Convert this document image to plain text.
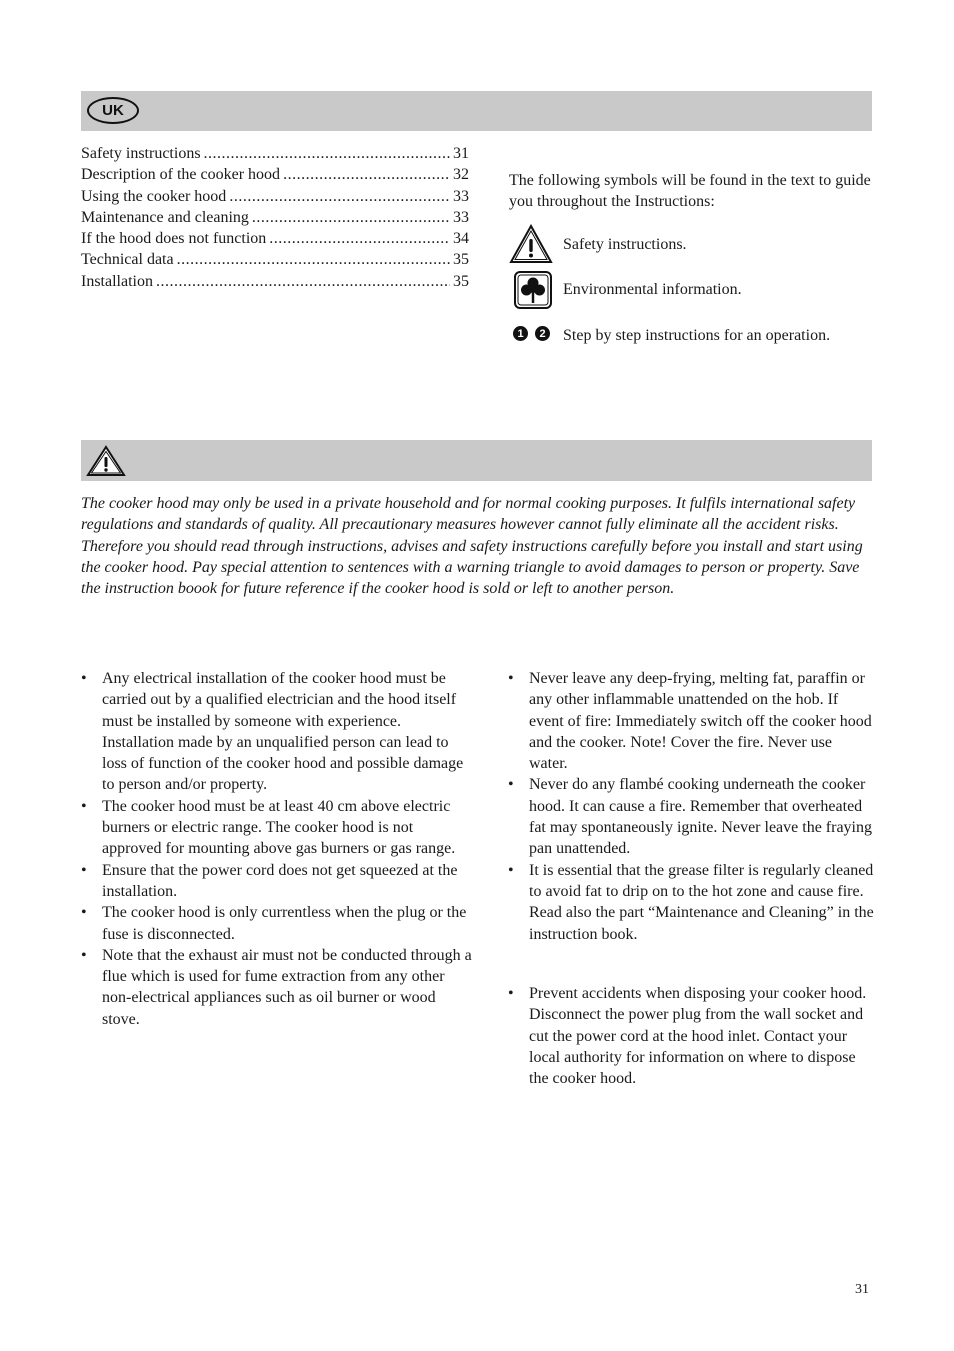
UK
Safety instructions .....	31
Description of the cooker hood .....	32
Using the cooker hood .....	33
Maintenance and cleaning .....	33
If the hood does not function .....	34
Technical data .....	35
Installation .....	35

The following symbols will be found in the text to guide you throughout the Instructions:

Safety instructions.
Environmental information.
1	2 Step by step instructions for an operation.

The cooker hood may only be used in a private household and for normal cooking purposes. It fulfils international safety regulations and standards of quality. All precautionary measures however cannot fully eliminate all the accident risks.

Therefore you should read through instructions, advises and safety instructions carefully before you install and start using the cooker hood. Pay special attention to sentences with a warning triangle to avoid damages to person or property. Save the instruction boook for future reference if the cooker hood is sold or left to another person.

• Any electrical installation of the cooker hood must be carried out by a qualified electrician and the hood itself must be installed by someone with experience. Installation made by an unqualified person can lead to loss of function of the cooker hood and possible damage to person and/or property.
• The cooker hood must be at least 40 cm above electric burners or electric range. The cooker hood is not approved for mounting above gas burners or gas range.
• Ensure that the power cord does not get squeezed at the installation.
• The cooker hood is only currentless when the plug or the fuse is disconnected.
• Note that the exhaust air must not be conducted through a flue which is used for fume extraction from any other non-electrical appliances such as oil burner or wood stove.
• Never leave any deep-frying, melting fat, paraffin or any other inflammable unattended on the hob. If event of fire: Immediately switch off the cooker hood and the cooker. Note! Cover the fire. Never use water.
• Never do any flambé cooking underneath the cooker hood. It can cause a fire. Remember that overheated fat may spontaneously ignite. Never leave the fraying pan unattended.
• It is essential that the grease filter is regularly cleaned to avoid fat to drip on to the hot zone and cause fire. Read also the part “Maintenance and Cleaning” in the instruction book.
• Prevent accidents when disposing your cooker hood. Disconnect the power plug from the wall socket and cut the power cord at the hood inlet. Contact your local authority for information on where to dispose the cooker hood.
31
